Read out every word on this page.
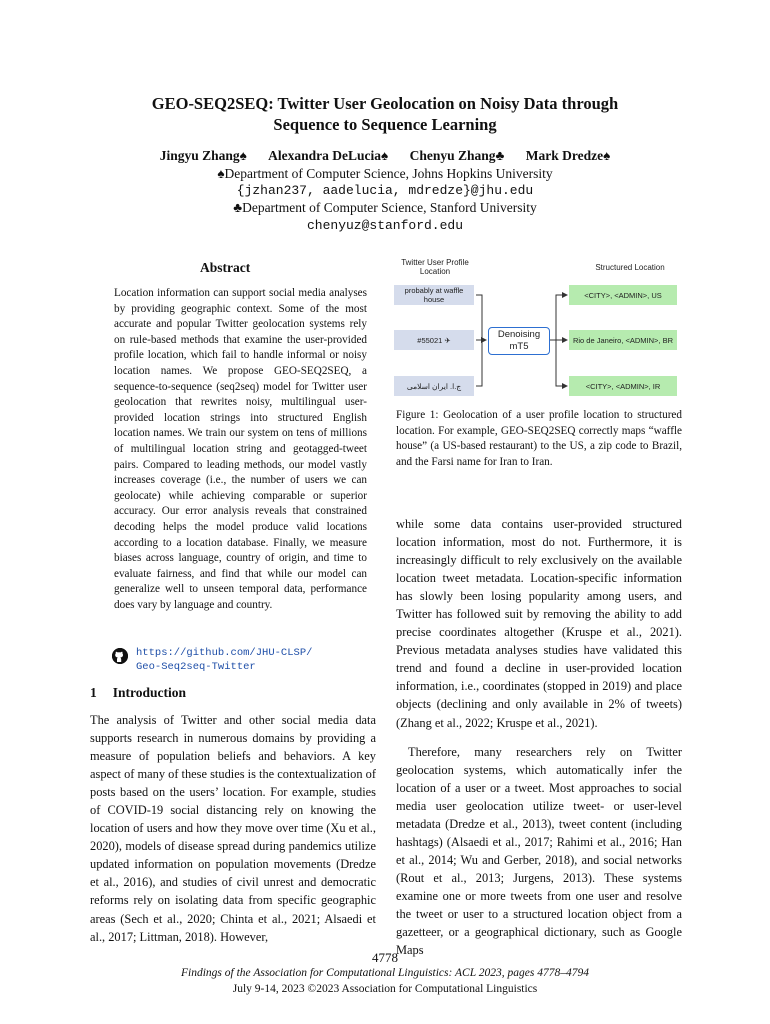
GEO-SEQ2SEQ: Twitter User Geolocation on Noisy Data through
Sequence to Sequence Learning
Jingyu Zhang♠ Alexandra DeLucia♠ Chenyu Zhang♣ Mark Dredze♠
♠Department of Computer Science, Johns Hopkins University
{jzhan237, aadelucia, mdredze}@jhu.edu
♣Department of Computer Science, Stanford University
chenyuz@stanford.edu
Abstract
Location information can support social media analyses by providing geographic context. Some of the most accurate and popular Twitter geolocation systems rely on rule-based methods that examine the user-provided profile location, which fail to handle informal or noisy location names. We propose GEO-SEQ2SEQ, a sequence-to-sequence (seq2seq) model for Twitter user geolocation that rewrites noisy, multilingual user-provided location strings into structured English location names. We train our system on tens of millions of multilingual location string and geotagged-tweet pairs. Compared to leading methods, our model vastly increases coverage (i.e., the number of users we can geolocate) while achieving comparable or superior accuracy. Our error analysis reveals that constrained decoding helps the model produce valid locations according to a location database. Finally, we measure biases across language, country of origin, and time to evaluate fairness, and find that while our model can generalize well to unseen temporal data, performance does vary by language and country.
https://github.com/JHU-CLSP/
Geo-Seq2seq-Twitter
1 Introduction
The analysis of Twitter and other social media data supports research in numerous domains by providing a measure of population beliefs and behaviors. A key aspect of many of these studies is the contextualization of posts based on the users’ location. For example, studies of COVID-19 social distancing rely on knowing the location of users and how they move over time (Xu et al., 2020), models of disease spread during pandemics utilize updated information on population movements (Dredze et al., 2016), and studies of civil unrest and democratic reforms rely on isolating data from specific geographic areas (Sech et al., 2020; Chinta et al., 2021; Alsaedi et al., 2017; Littman, 2018). However,
Twitter User Profile Location	Structured Location
probably at waffle house
#55021 ✈
ج.ا. ایران اسلامی
Denoising mT5
<CITY>, <ADMIN>, US
Rio de Janeiro, <ADMIN>, BR
<CITY>, <ADMIN>, IR
Figure 1: Geolocation of a user profile location to structured location. For example, GEO-SEQ2SEQ correctly maps “waffle house” (a US-based restaurant) to the US, a zip code to Brazil, and the Farsi name for Iran to Iran.

while some data contains user-provided structured location information, most do not. Furthermore, it is increasingly difficult to rely exclusively on the available location tweet metadata. Location-specific information has slowly been losing popularity among users, and Twitter has followed suit by removing the ability to add precise coordinates altogether (Kruspe et al., 2021). Previous metadata analyses studies have validated this trend and found a decline in user-provided location information, i.e., coordinates (stopped in 2019) and place objects (declining and only available in 2% of tweets) (Zhang et al., 2022; Kruspe et al., 2021).

Therefore, many researchers rely on Twitter geolocation systems, which automatically infer the location of a user or a tweet. Most approaches to social media user geolocation utilize tweet- or user-level metadata (Dredze et al., 2013), tweet content (including hashtags) (Alsaedi et al., 2017; Rahimi et al., 2016; Han et al., 2014; Wu and Gerber, 2018), and social networks (Rout et al., 2013; Jurgens, 2013). These systems examine one or more tweets from one user and resolve the tweet or user to a structured location object from a gazetteer, or a geographical dictionary, such as Google Maps

4778
Findings of the Association for Computational Linguistics: ACL 2023, pages 4778–4794
July 9-14, 2023 ©2023 Association for Computational Linguistics
